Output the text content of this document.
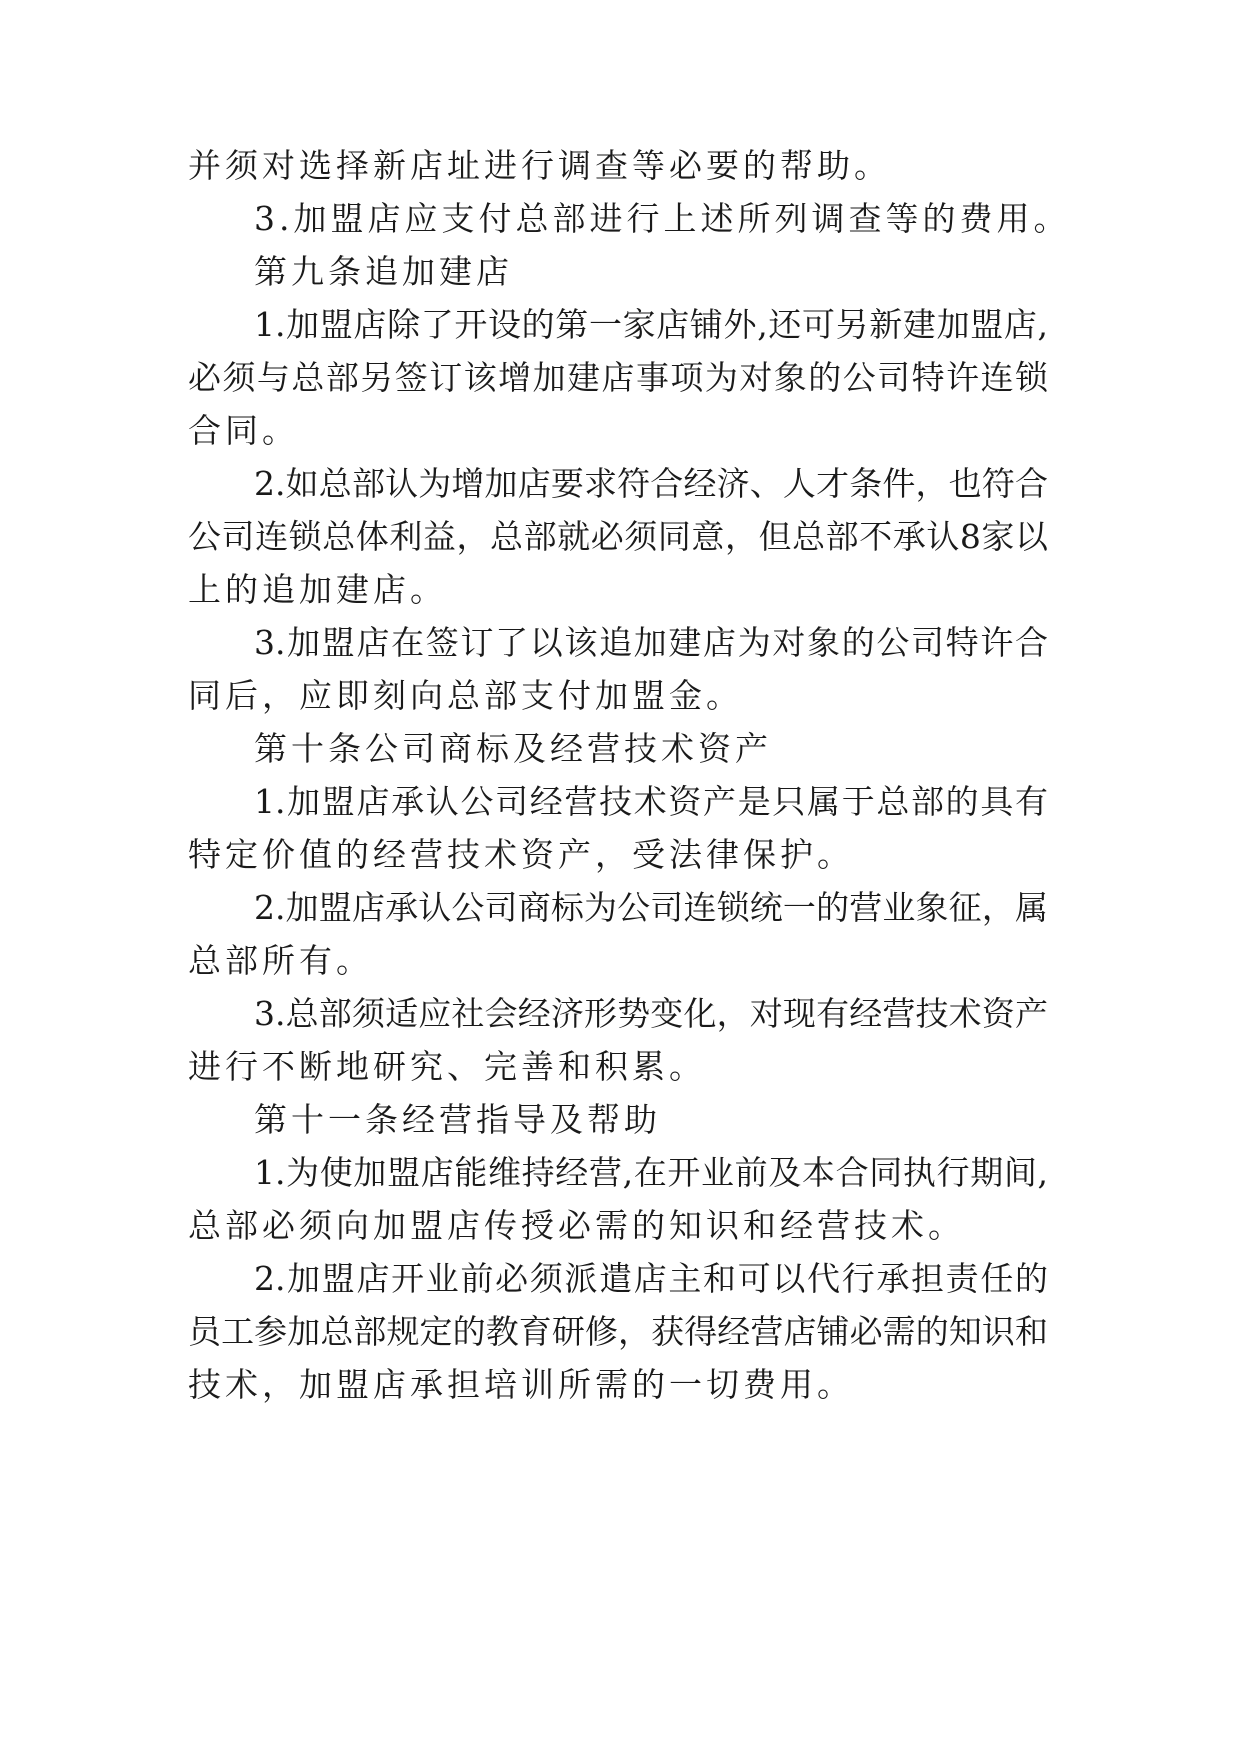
并须对选择新店址进行调查等必要的帮助。
3.加盟店应支付总部进行上述所列调查等的费用。
第九条追加建店
1.加盟店除了开设的第一家店铺外,还可另新建加盟店,
必须与总部另签订该增加建店事项为对象的公司特许连锁
合同。
2.如总部认为增加店要求符合经济、人才条件，也符合
公司连锁总体利益，总部就必须同意，但总部不承认8家以
上的追加建店。
3.加盟店在签订了以该追加建店为对象的公司特许合
同后，应即刻向总部支付加盟金。
第十条公司商标及经营技术资产
1.加盟店承认公司经营技术资产是只属于总部的具有
特定价值的经营技术资产，受法律保护。
2.加盟店承认公司商标为公司连锁统一的营业象征，属
总部所有。
3.总部须适应社会经济形势变化，对现有经营技术资产
进行不断地研究、完善和积累。
第十一条经营指导及帮助
1.为使加盟店能维持经营,在开业前及本合同执行期间,
总部必须向加盟店传授必需的知识和经营技术。
2.加盟店开业前必须派遣店主和可以代行承担责任的
员工参加总部规定的教育研修，获得经营店铺必需的知识和
技术，加盟店承担培训所需的一切费用。
